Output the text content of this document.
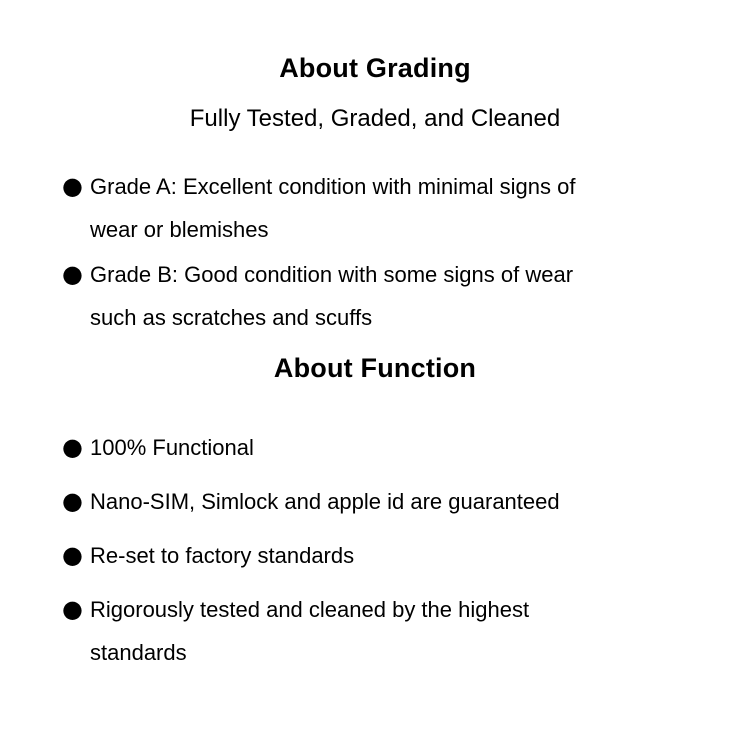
About Grading

Fully Tested, Graded, and Cleaned

● Grade A: Excellent condition with minimal signs of
wear or blemishes
● Grade B: Good condition with some signs of wear
such as scratches and scuffs
About Function
● 100% Functional
● Nano-SIM, Simlock and apple id are guaranteed
● Re-set to factory standards
● Rigorously tested and cleaned by the highest
standards
